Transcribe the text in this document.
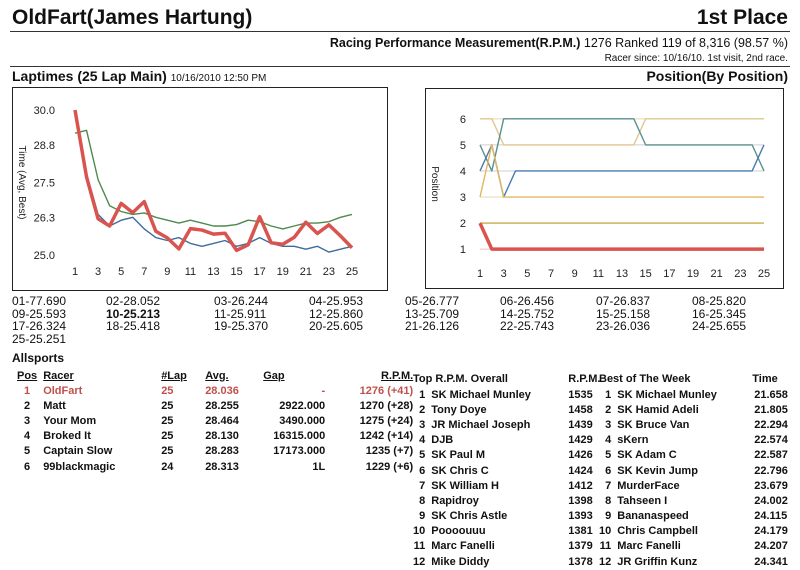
OldFart(James Hartung)	1st Place
Racing Performance Measurement(R.P.M.) 1276 Ranked 119 of 8,316 (98.57 %)
Racer since: 10/16/10. 1st visit, 2nd race.
Laptimes (25 Lap Main) 10/16/2010 12:50 PM	Position(By Position)
30.0
28.8
27.5
26.3
25.0
1 3 5 7 9 11 13 15 17 19 21 23 25
Time (Avg, Best)
6
5
4
3
2
1
1 3 5 7 9 11 13 15 17 19 21 23 25
Position
01-77.690	02-28.052	03-26.244	04-25.953	05-26.777	06-26.456	07-26.837	08-25.820
09-25.593	10-25.213	11-25.911	12-25.860	13-25.709	14-25.752	15-25.158	16-25.345
17-26.324	18-25.418	19-25.370	20-25.605	21-26.126	22-25.743	23-26.036	24-25.655
25-25.251
Allsports
Pos	Racer	#Lap	Avg.	Gap	R.P.M.
1	OldFart	25	28.036	-	1276 (+41)
2	Matt	25	28.255	2922.000	1270 (+28)
3	Your Mom	25	28.464	3490.000	1275 (+24)
4	Broked It	25	28.130	16315.000	1242 (+14)
5	Captain Slow	25	28.283	17173.000	1235 (+7)
6	99blackmagic	24	28.313	1L	1229 (+6)
Top R.P.M. Overall		R.P.M.
1	SK Michael Munley	1535
2	Tony Doye	1458
3	JR Michael Joseph	1439
4	DJB	1429
5	SK Paul M	1426
6	SK Chris C	1424
7	SK William H	1412
8	Rapidroy	1398
9	SK Chris Astle	1393
10	Poooouuu	1381
11	Marc Fanelli	1379
12	Mike Diddy	1378
Best of The Week		Time
1	SK Michael Munley	21.658
2	SK Hamid Adeli	21.805
3	SK Bruce Van	22.294
4	sKern	22.574
5	SK Adam C	22.587
6	SK Kevin Jump	22.796
7	MurderFace	23.679
8	Tahseen I	24.002
9	Bananaspeed	24.115
10	Chris Campbell	24.179
11	Marc Fanelli	24.207
12	JR Griffin Kunz	24.341
